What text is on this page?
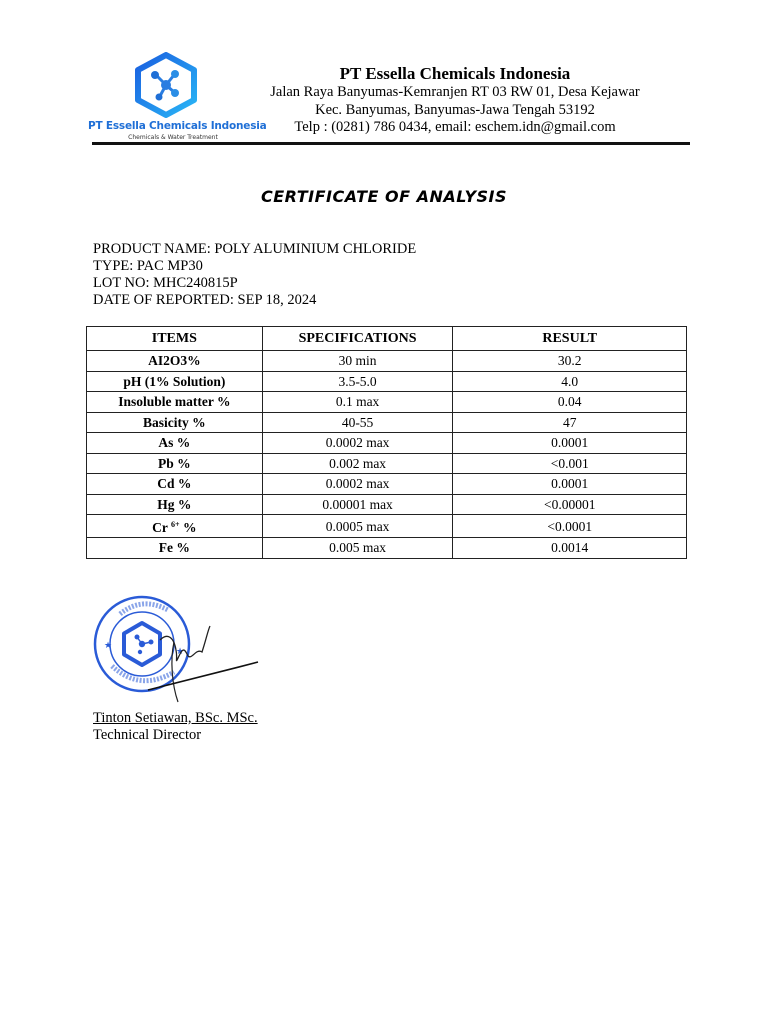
PT Essella Chemicals Indonesia
Chemicals & Water Treatment
PT Essella Chemicals Indonesia
Jalan Raya Banyumas-Kemranjen RT 03 RW 01, Desa Kejawar
Kec. Banyumas, Banyumas-Jawa Tengah 53192
Telp : (0281) 786 0434, email: eschem.idn@gmail.com
CERTIFICATE OF ANALYSIS
PRODUCT NAME: POLY ALUMINIUM CHLORIDE
TYPE: PAC MP30
LOT NO: MHC240815P
DATE OF REPORTED: SEP 18, 2024
ITEMS	SPECIFICATIONS	RESULT
AI2O3%	30 min	30.2
pH (1% Solution)	3.5-5.0	4.0
Insoluble matter %	0.1 max	0.04
Basicity %	40-55	47
As %	0.0002 max	0.0001
Pb %	0.002 max	<0.001
Cd %	0.0002 max	0.0001
Hg %	0.00001 max	<0.00001
Cr $^{6+}$ %	0.0005 max	<0.0001
Fe %	0.005 max	0.0014
★
★
Tinton Setiawan, BSc. MSc.
Technical Director
